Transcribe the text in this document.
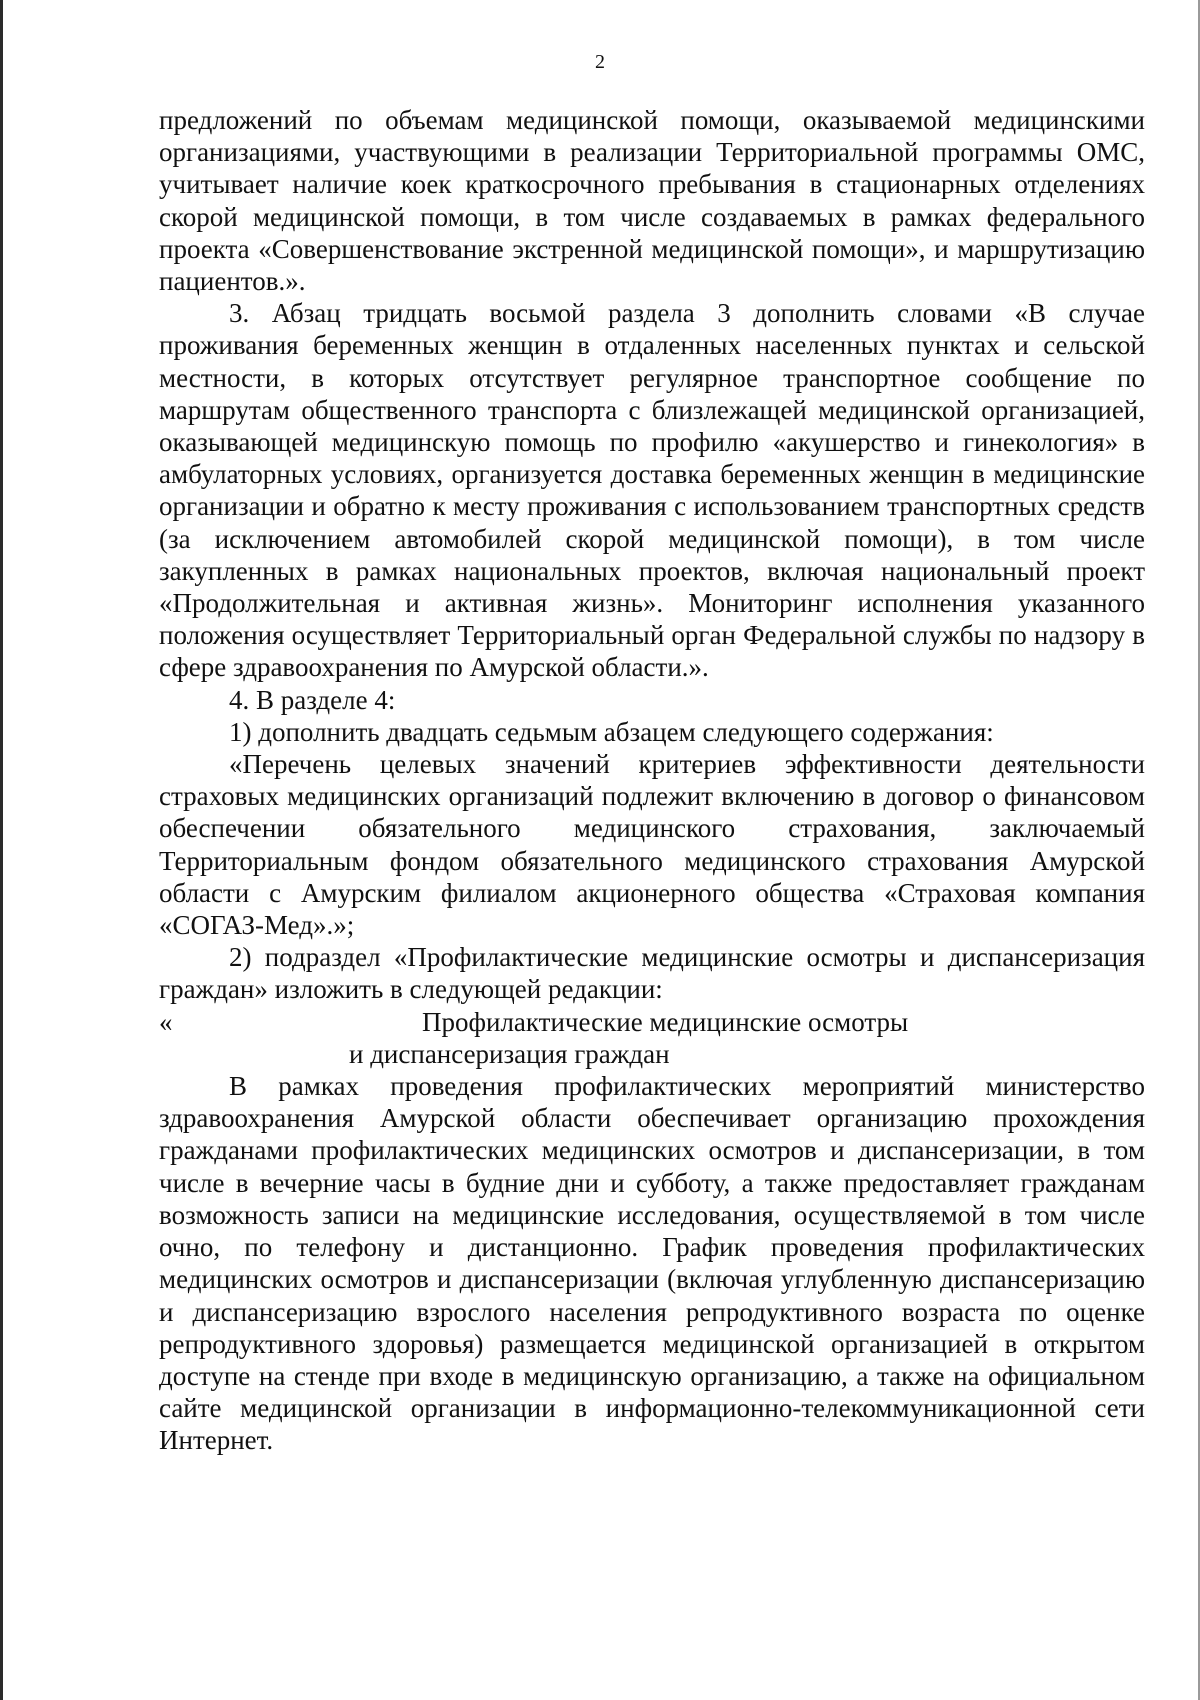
2

предложений по объемам медицинской помощи, оказываемой медицинскими организациями, участвующими в реализации Территориальной программы ОМС, учитывает наличие коек краткосрочного пребывания в стационарных отделениях скорой медицинской помощи, в том числе создаваемых в рамках федерального проекта «Совершенствование экстренной медицинской помощи», и маршрутизацию пациентов.».

3. Абзац тридцать восьмой раздела 3 дополнить словами «В случае проживания беременных женщин в отдаленных населенных пунктах и сельской местности, в которых отсутствует регулярное транспортное сообщение по маршрутам общественного транспорта с близлежащей медицинской организацией, оказывающей медицинскую помощь по профилю «акушерство и гинекология» в амбулаторных условиях, организуется доставка беременных женщин в медицинские организации и обратно к месту проживания с использованием транспортных средств (за исключением автомобилей скорой медицинской помощи), в том числе закупленных в рамках национальных проектов, включая национальный проект «Продолжительная и активная жизнь». Мониторинг исполнения указанного положения осуществляет Территориальный орган Федеральной службы по надзору в сфере здравоохранения по Амурской области.».

4. В разделе 4:

1) дополнить двадцать седьмым абзацем следующего содержания:

«Перечень целевых значений критериев эффективности деятельности страховых медицинских организаций подлежит включению в договор о финансовом обеспечении обязательного медицинского страхования, заключаемый Территориальным фондом обязательного медицинского страхования Амурской области с Амурским филиалом акционерного общества «Страховая компания «СОГАЗ-Мед».»;

2) подраздел «Профилактические медицинские осмотры и диспансеризация граждан» изложить в следующей редакции:

«	Профилактические медицинские осмотры

и диспансеризация граждан

В рамках проведения профилактических мероприятий министерство здравоохранения Амурской области обеспечивает организацию прохождения гражданами профилактических медицинских осмотров и диспансеризации, в том числе в вечерние часы в будние дни и субботу, а также предоставляет гражданам возможность записи на медицинские исследования, осуществляемой в том числе очно, по телефону и дистанционно. График проведения профилактических медицинских осмотров и диспансеризации (включая углубленную диспансеризацию и диспансеризацию взрослого населения репродуктивного возраста по оценке репродуктивного здоровья) размещается медицинской организацией в открытом доступе на стенде при входе в медицинскую организацию, а также на официальном сайте медицинской организации в информационно-телекоммуникационной сети Интернет.
